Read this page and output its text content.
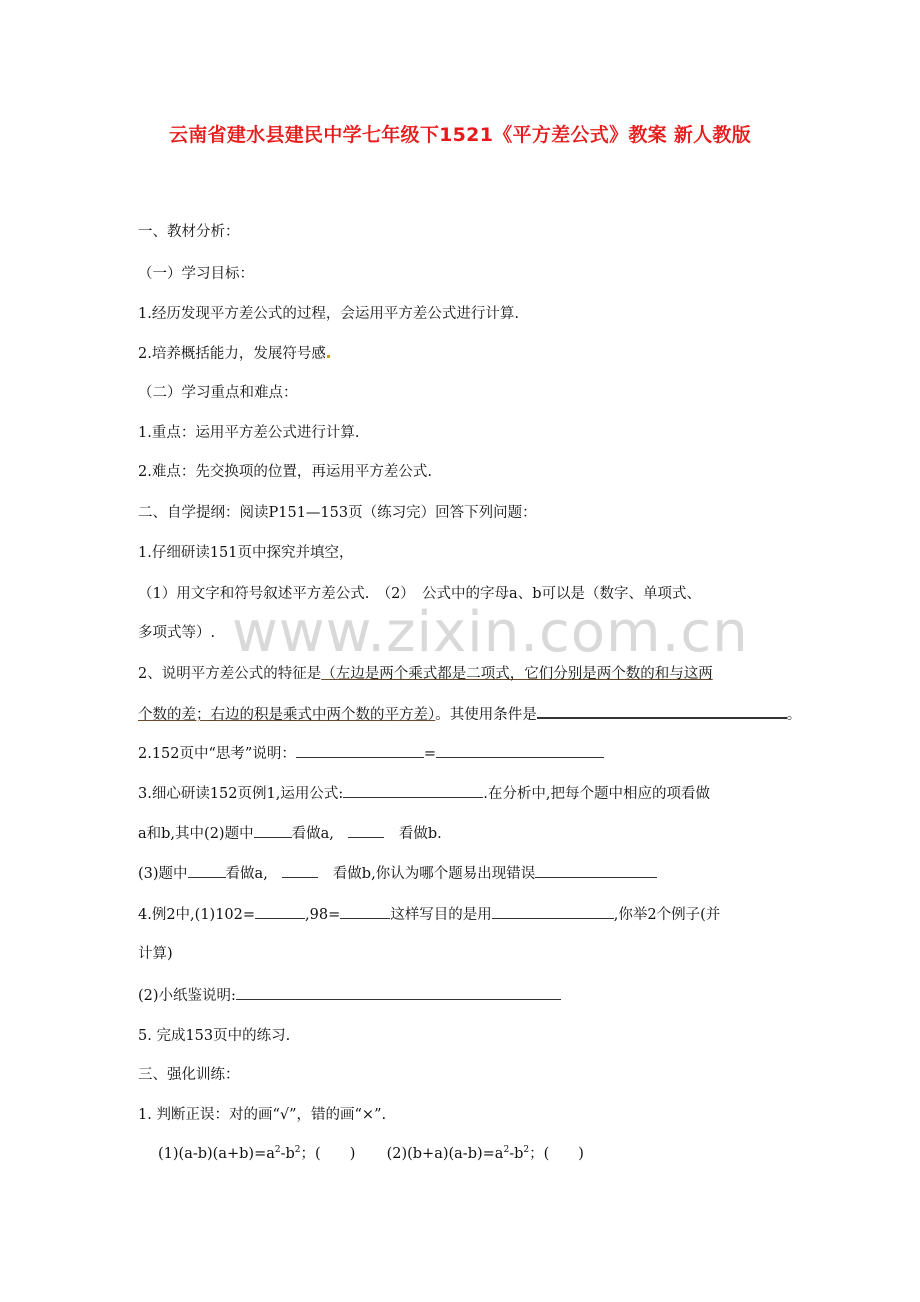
www.zixin.com.cn
云南省建水县建民中学七年级下1521《平方差公式》教案 新人教版
一、教材分析：
（一）学习目标：
1.经历发现平方差公式的过程，会运用平方差公式进行计算.
2.培养概括能力，发展符号感
（二）学习重点和难点：
1.重点：运用平方差公式进行计算.
2.难点：先交换项的位置，再运用平方差公式.
二、自学提纲：阅读P151—153页（练习完）回答下列问题：
1.仔细研读151页中探究并填空，
（1）用文字和符号叙述平方差公式.　（2）　公式中的字母a、b可以是（数字、单项式、
多项式等）.
2、说明平方差公式的特征是（左边是两个乘式都是二项式，它们分别是两个数的和与这两
个数的差；右边的积是乘式中两个数的平方差）。其使用条件是	。
2.152页中“思考”说明：	=
3.细心研读152页例1,运用公式:	.在分析中,把每个题中相应的项看做
a和b,其中(2)题中	看做a,　　	看做b.
(3)题中	看做a,　　	看做b,你认为哪个题易出现错误
4.例2中,(1)102=	,98=	这样写目的是用	,你举2个例子(并
计算)
(2)小纸鉴说明:
5. 完成153页中的练习.
三、强化训练：
1. 判断正误：对的画“√”，错的画“×”.
$(1)(a-b)(a+b)=a^2-b^2$；(　　) $(2)(b+a)(a-b)=a^2-b^2$；(　　)
